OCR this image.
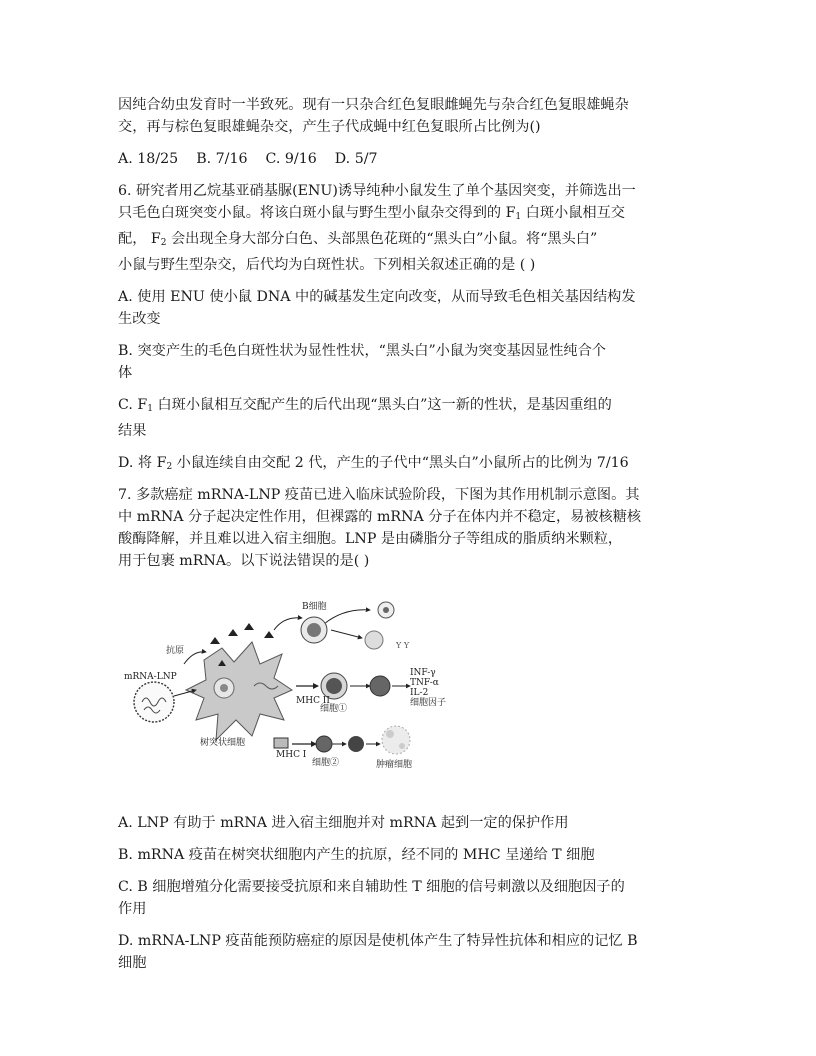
因纯合幼虫发育时一半致死。现有一只杂合红色复眼雌蝇先与杂合红色复眼雄蝇杂

交，再与棕色复眼雄蝇杂交，产生子代成蝇中红色复眼所占比例为()

A. 18/25    B. 7/16    C. 9/16    D. 5/7

6. 研究者用乙烷基亚硝基脲(ENU)诱导纯种小鼠发生了单个基因突变，并筛选出一

只毛色白斑突变小鼠。将该白斑小鼠与野生型小鼠杂交得到的 $F_1$ 白斑小鼠相互交

配， $F_2$ 会出现全身大部分白色、头部黑色花斑的“黑头白”小鼠。将“黑头白”

小鼠与野生型杂交，后代均为白斑性状。下列相关叙述正确的是 ( )

A. 使用 ENU 使小鼠 DNA 中的碱基发生定向改变，从而导致毛色相关基因结构发

生改变

B. 突变产生的毛色白斑性状为显性性状，“黑头白”小鼠为突变基因显性纯合个

体

C. $F_1$ 白斑小鼠相互交配产生的后代出现“黑头白”这一新的性状，是基因重组的

结果

D. 将 $F_2$ 小鼠连续自由交配 2 代，产生的子代中“黑头白”小鼠所占的比例为 7/16

7. 多款癌症 mRNA-LNP 疫苗已进入临床试验阶段，下图为其作用机制示意图。其

中 mRNA 分子起决定性作用，但裸露的 mRNA 分子在体内并不稳定，易被核糖核

酸酶降解，并且难以进入宿主细胞。LNP 是由磷脂分子等组成的脂质纳米颗粒，

用于包裹 mRNA。以下说法错误的是( )

Y Y
B细胞
抗原
mRNA-LNP
MHC II
细胞①
INF-γ
TNF-α
IL-2
细胞因子
树突状细胞
MHC I
细胞②	肿瘤细胞

A. LNP 有助于 mRNA 进入宿主细胞并对 mRNA 起到一定的保护作用

B. mRNA 疫苗在树突状细胞内产生的抗原，经不同的 MHC 呈递给 T 细胞

C. B 细胞增殖分化需要接受抗原和来自辅助性 T 细胞的信号刺激以及细胞因子的

作用

D. mRNA-LNP 疫苗能预防癌症的原因是使机体产生了特异性抗体和相应的记忆 B

细胞
